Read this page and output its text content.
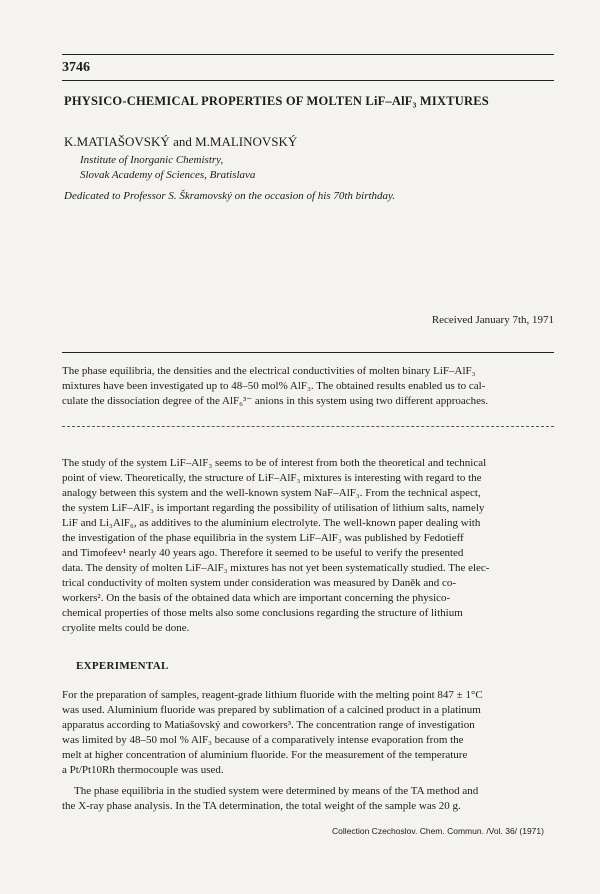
3746
PHYSICO-CHEMICAL PROPERTIES OF MOLTEN LiF–AlF₃ MIXTURES
K.MATIAŠOVSKÝ and M.MALINOVSKÝ
Institute of Inorganic Chemistry,
Slovak Academy of Sciences, Bratislava
Dedicated to Professor S. Škramovský on the occasion of his 70th birthday.
Received January 7th, 1971
The phase equilibria, the densities and the electrical conductivities of molten binary LiF–AlF₃
mixtures have been investigated up to 48–50 mol% AlF₃. The obtained results enabled us to cal-
culate the dissociation degree of the AlF₆³⁻ anions in this system using two different approaches.
The study of the system LiF–AlF₃ seems to be of interest from both the theoretical and technical
point of view. Theoretically, the structure of LiF–AlF₃ mixtures is interesting with regard to the
analogy between this system and the well-known system NaF–AlF₃. From the technical aspect,
the system LiF–AlF₃ is important regarding the possibility of utilisation of lithium salts, namely
LiF and Li₃AlF₆, as additives to the aluminium electrolyte. The well-known paper dealing with
the investigation of the phase equilibria in the system LiF–AlF₃ was published by Fedotieff
and Timofeev¹ nearly 40 years ago. Therefore it seemed to be useful to verify the presented
data. The density of molten LiF–AlF₃ mixtures has not yet been systematically studied. The elec-
trical conductivity of molten system under consideration was measured by Daněk and co-
workers². On the basis of the obtained data which are important concerning the physico-
chemical properties of those melts also some conclusions regarding the structure of lithium
cryolite melts could be done.
EXPERIMENTAL
For the preparation of samples, reagent-grade lithium fluoride with the melting point 847 ± 1°C
was used. Aluminium fluoride was prepared by sublimation of a calcined product in a platinum
apparatus according to Matiašovský and coworkers³. The concentration range of investigation
was limited by 48–50 mol % AlF₃ because of a comparatively intense evaporation from the
melt at higher concentration of aluminium fluoride. For the measurement of the temperature
a Pt/Pt10Rh thermocouple was used.
The phase equilibria in the studied system were determined by means of the TA method and
the X-ray phase analysis. In the TA determination, the total weight of the sample was 20 g.
Collection Czechoslov. Chem. Commun. /Vol. 36/ (1971)
